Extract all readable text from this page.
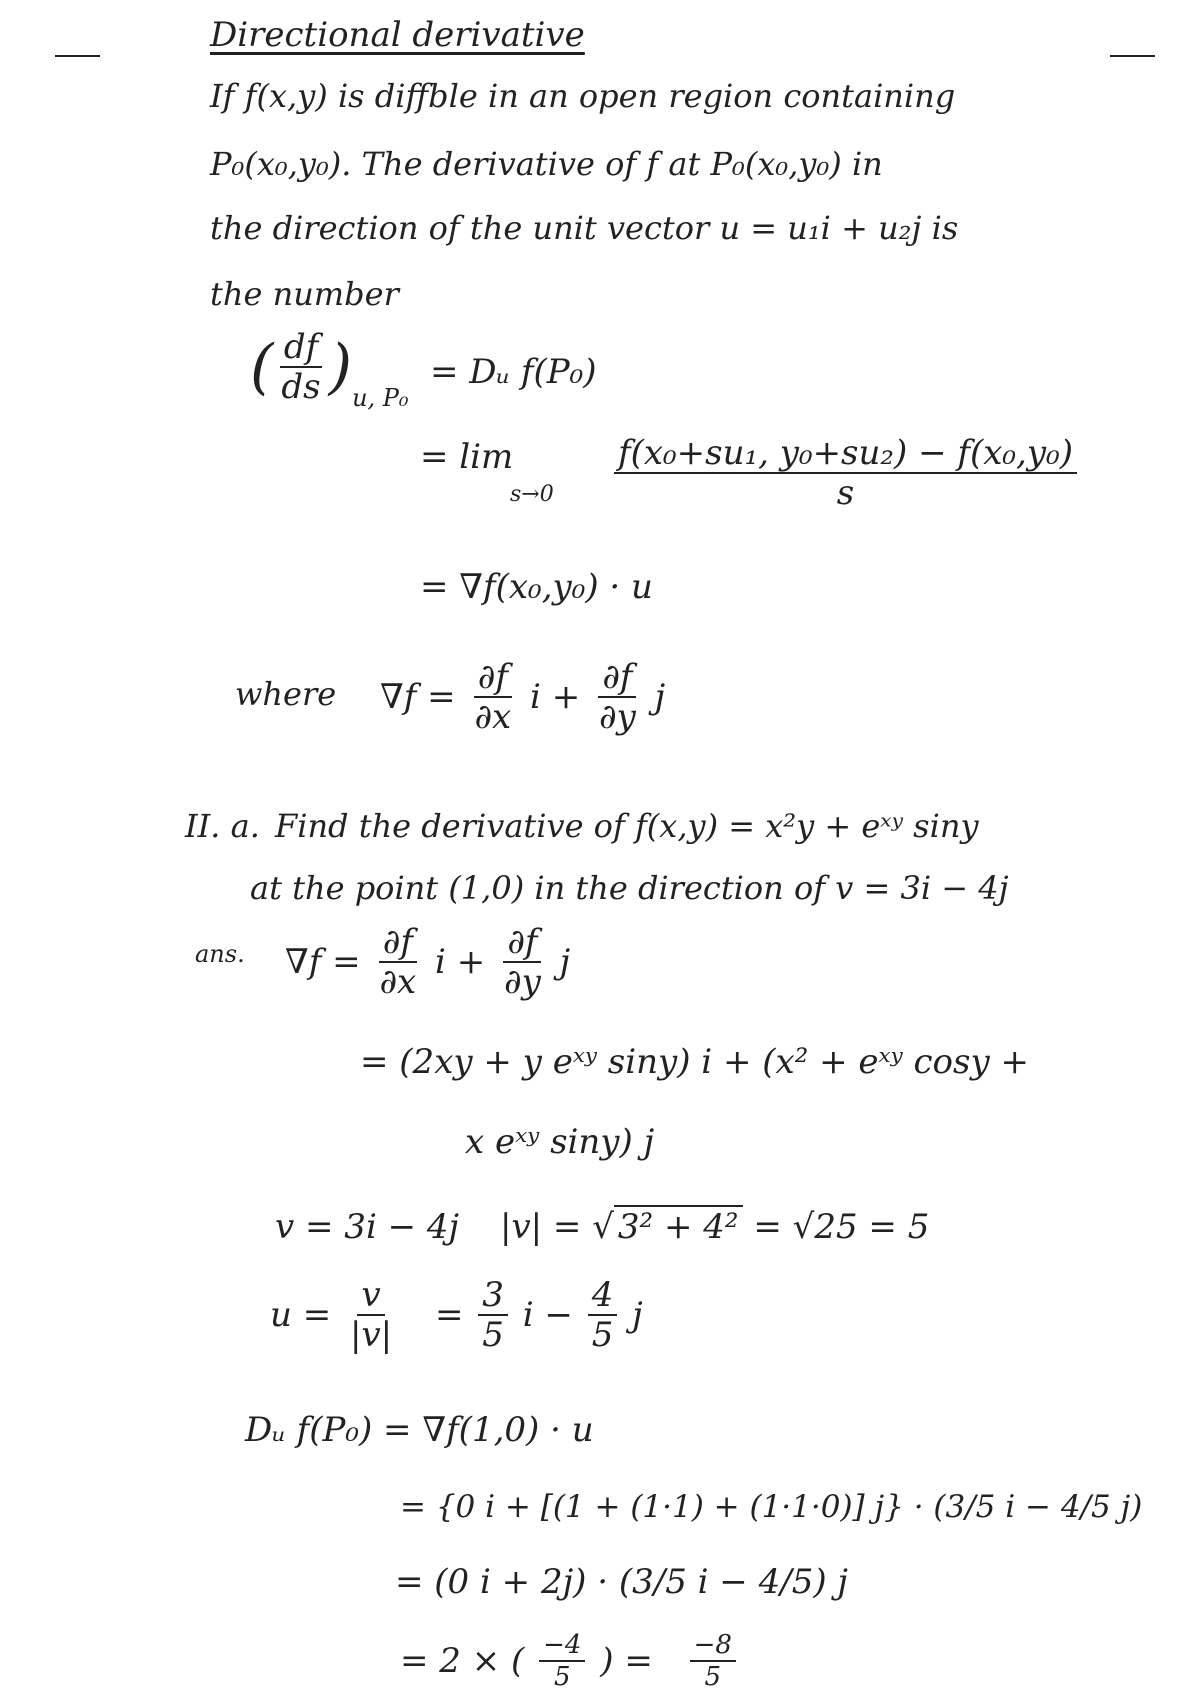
Directional derivative
If f(x,y) is diffble in an open region containing
P₀(x₀,y₀). The derivative of f at P₀(x₀,y₀) in
the direction of the unit vector u = u₁i + u₂j is
the number
( $\frac{df}{ds} )_{u, P_0}$
= Dᵤ f(P₀)
= lim
$s\to 0 \frac{\text{f(x₀+su₁, y₀+su₂) − f(x₀,y₀)}}{s}$
= ∇f(x₀,y₀) · u
where $\nabla f = \frac{\partial f}{\partial x}$ $i + \frac{\partial f}{\partial y}$ j
II. a. Find the derivative of f(x,y) = x²y + eˣʸ siny
at the point (1,0) in the direction of v = 3i − 4j
ans. $\nabla f = \frac{\partial f}{\partial x}$ $i + \frac{\partial f}{\partial y}$ j
= (2xy + y eˣʸ siny) i + (x² + eˣʸ cosy +
x eˣʸ siny) j
v = 3i − 4j |v| = √ 3² + 4² = √25 = 5
$u = \frac{v}{|v|} = \frac{3}{5}$ $i - \frac{4}{5}$ j
Dᵤ f(P₀) = ∇f(1,0) · u
= {0 i + [(1 + (1·1) + (1·1·0)] j} · (3/5 i − 4/5 j)
= (0 i + 2j) · (3/5 i − 4/5) j
= 2 × ( $\frac{-4}{5}$ ) = $\frac{-8}{5}$
